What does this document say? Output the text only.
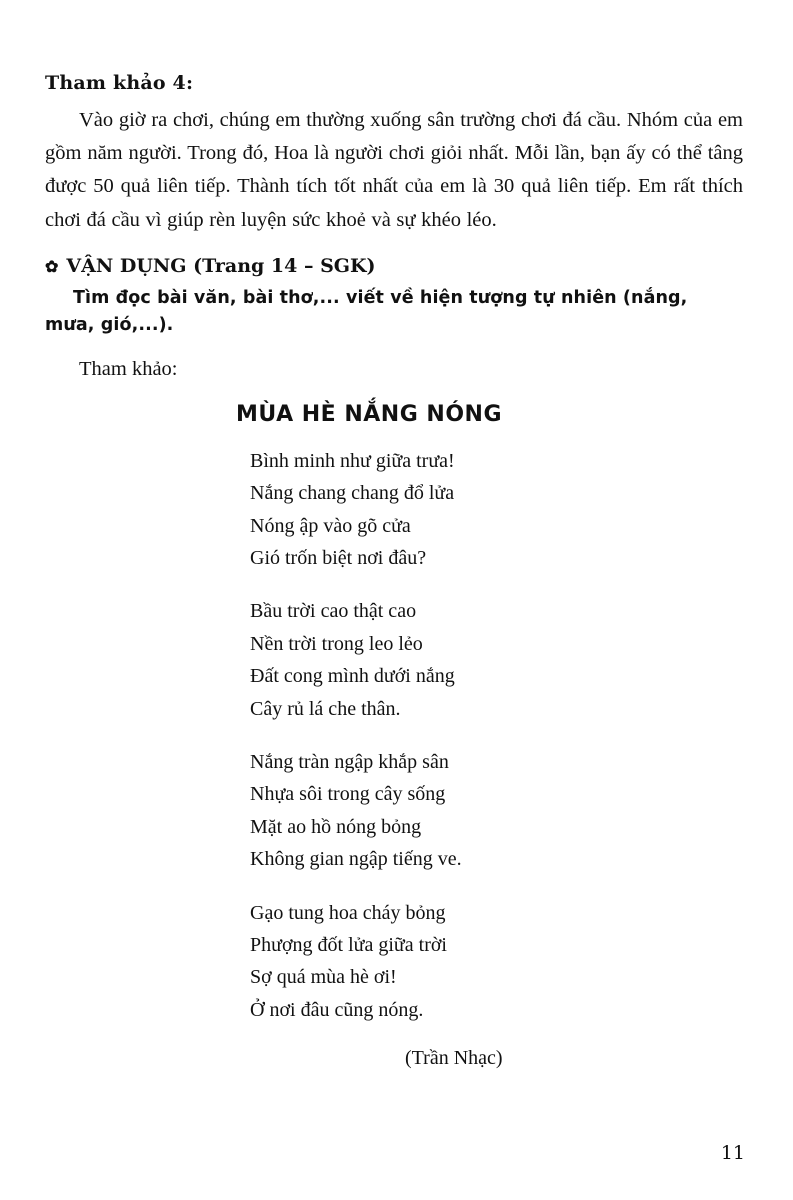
Tham khảo 4:

Vào giờ ra chơi, chúng em thường xuống sân trường chơi đá cầu. Nhóm của em gồm năm người. Trong đó, Hoa là người chơi giỏi nhất. Mỗi lần, bạn ấy có thể tâng được 50 quả liên tiếp. Thành tích tốt nhất của em là 30 quả liên tiếp. Em rất thích chơi đá cầu vì giúp rèn luyện sức khoẻ và sự khéo léo.

✿ VẬN DỤNG (Trang 14 – SGK)

Tìm đọc bài văn, bài thơ,... viết về hiện tượng tự nhiên (nắng, mưa, gió,...).

Tham khảo:

MÙA HÈ NẮNG NÓNG
Bình minh như giữa trưa!
Nắng chang chang đổ lửa
Nóng ập vào gõ cửa
Gió trốn biệt nơi đâu?
Bầu trời cao thật cao
Nền trời trong leo lẻo
Đất cong mình dưới nắng
Cây rủ lá che thân.
Nắng tràn ngập khắp sân
Nhựa sôi trong cây sống
Mặt ao hồ nóng bỏng
Không gian ngập tiếng ve.
Gạo tung hoa cháy bỏng
Phượng đốt lửa giữa trời
Sợ quá mùa hè ơi!
Ở nơi đâu cũng nóng.
(Trần Nhạc)
11
